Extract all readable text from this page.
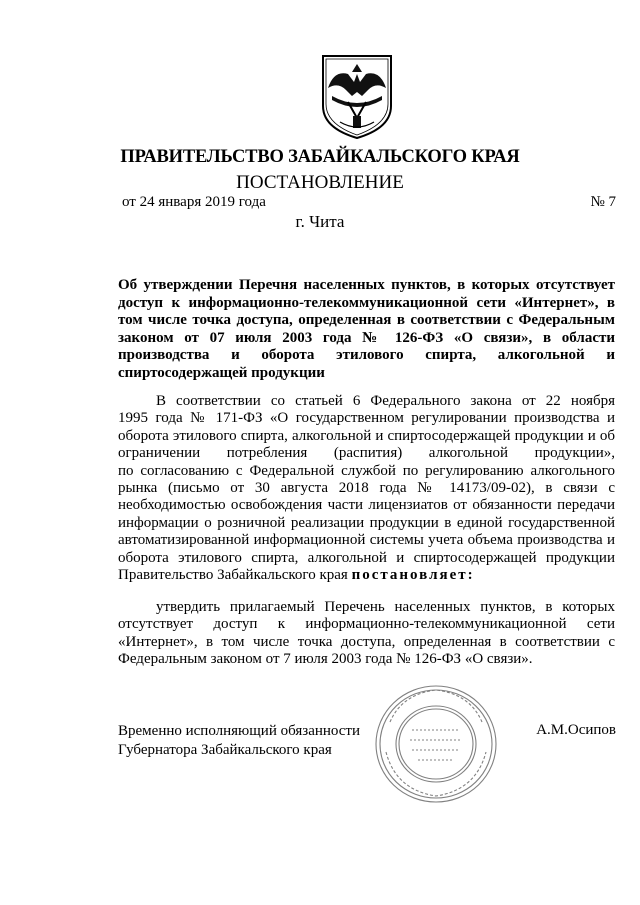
ПРАВИТЕЛЬСТВО ЗАБАЙКАЛЬСКОГО КРАЯ
ПОСТАНОВЛЕНИЕ
от 24 января 2019 года	№ 7
г. Чита
Об утверждении Перечня населенных пунктов, в которых отсутствует
доступ к информационно-телекоммуникационной сети «Интернет», в
том числе точка доступа, определенная в соответствии с Федеральным
законом от 07 июля 2003 года № 126-ФЗ «О связи», в области
производства и оборота этилового спирта, алкогольной и
спиртосодержащей продукции
В соответствии со статьей 6 Федерального закона от 22 ноября
1995 года № 171-ФЗ «О государственном регулировании производства и
оборота этилового спирта, алкогольной и спиртосодержащей продукции и об
ограничении потребления (распития) алкогольной продукции»,
по согласованию с Федеральной службой по регулированию алкогольного
рынка (письмо от 30 августа 2018 года № 14173/09-02), в связи с
необходимостью освобождения части лицензиатов от обязанности передачи
информации о розничной реализации продукции в единой государственной
автоматизированной информационной системы учета объема производства и
оборота этилового спирта, алкогольной и спиртосодержащей продукции
Правительство Забайкальского края постановляет:
утвердить прилагаемый Перечень населенных пунктов, в которых
отсутствует доступ к информационно-телекоммуникационной сети
«Интернет», в том числе точка доступа, определенная в соответствии с
Федеральным законом от 7 июля 2003 года № 126-ФЗ «О связи».
Временно исполняющий обязанности
Губернатора Забайкальского края
А.М.Осипов
